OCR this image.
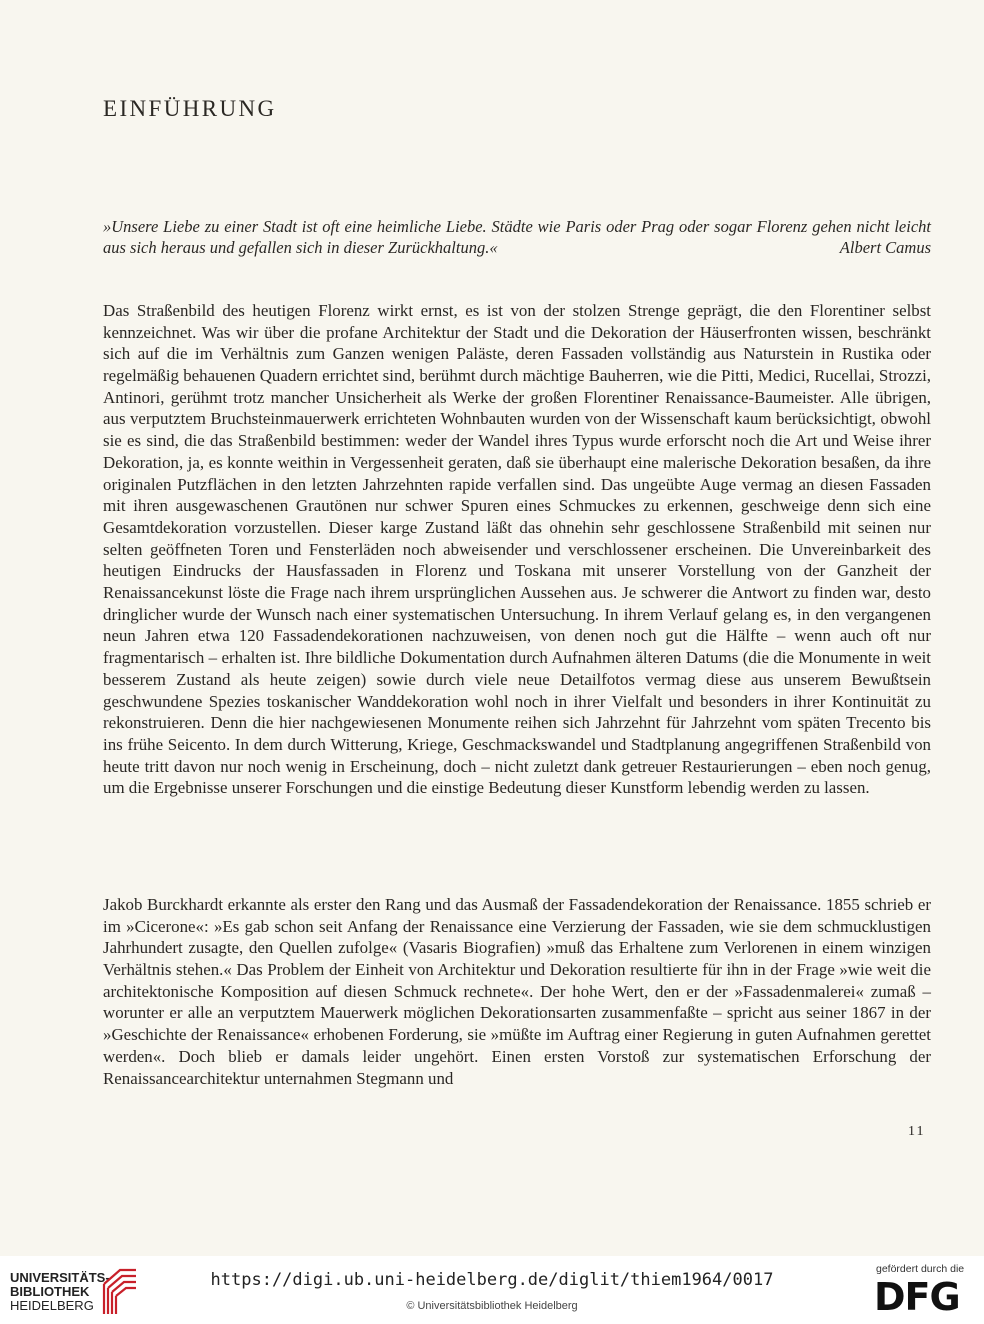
EINFÜHRUNG
»Unsere Liebe zu einer Stadt ist oft eine heimliche Liebe. Städte wie Paris oder Prag oder sogar Florenz gehen nicht leicht aus sich heraus und gefallen sich in dieser Zurückhaltung.«	Albert Camus

Das Straßenbild des heutigen Florenz wirkt ernst, es ist von der stolzen Strenge geprägt, die den Florentiner selbst kennzeichnet. Was wir über die profane Architektur der Stadt und die Dekoration der Häuserfronten wissen, beschränkt sich auf die im Verhältnis zum Ganzen wenigen Paläste, deren Fassaden vollständig aus Naturstein in Rustika oder regelmäßig behauenen Quadern errichtet sind, berühmt durch mächtige Bauherren, wie die Pitti, Medici, Rucellai, Strozzi, Antinori, gerühmt trotz mancher Unsicherheit als Werke der großen Florentiner Renaissance-Baumeister. Alle übrigen, aus verputztem Bruchsteinmauerwerk errichteten Wohnbauten wurden von der Wissenschaft kaum berücksichtigt, obwohl sie es sind, die das Straßenbild bestimmen: weder der Wandel ihres Typus wurde erforscht noch die Art und Weise ihrer Dekoration, ja, es konnte weithin in Vergessenheit geraten, daß sie überhaupt eine malerische Dekoration besaßen, da ihre originalen Putzflächen in den letzten Jahrzehnten rapide verfallen sind. Das ungeübte Auge vermag an diesen Fassaden mit ihren ausgewaschenen Grautönen nur schwer Spuren eines Schmuckes zu erkennen, geschweige denn sich eine Gesamtdekoration vorzustellen. Dieser karge Zustand läßt das ohnehin sehr geschlossene Straßenbild mit seinen nur selten geöffneten Toren und Fensterläden noch abweisender und verschlossener erscheinen. Die Unvereinbarkeit des heutigen Eindrucks der Hausfassaden in Florenz und Toskana mit unserer Vorstellung von der Ganzheit der Renaissancekunst löste die Frage nach ihrem ursprünglichen Aussehen aus. Je schwerer die Antwort zu finden war, desto dringlicher wurde der Wunsch nach einer systematischen Untersuchung. In ihrem Verlauf gelang es, in den vergangenen neun Jahren etwa 120 Fassadendekorationen nachzuweisen, von denen noch gut die Hälfte – wenn auch oft nur fragmentarisch – erhalten ist. Ihre bildliche Dokumentation durch Aufnahmen älteren Datums (die die Monumente in weit besserem Zustand als heute zeigen) sowie durch viele neue Detailfotos vermag diese aus unserem Bewußtsein geschwundene Spezies toskanischer Wanddekoration wohl noch in ihrer Vielfalt und besonders in ihrer Kontinuität zu rekonstruieren. Denn die hier nachgewiesenen Monumente reihen sich Jahrzehnt für Jahrzehnt vom späten Trecento bis ins frühe Seicento. In dem durch Witterung, Kriege, Geschmackswandel und Stadtplanung angegriffenen Straßenbild von heute tritt davon nur noch wenig in Erscheinung, doch – nicht zuletzt dank getreuer Restaurierungen – eben noch genug, um die Ergebnisse unserer Forschungen und die einstige Bedeutung dieser Kunstform lebendig werden zu lassen.

Jakob Burckhardt erkannte als erster den Rang und das Ausmaß der Fassadendekoration der Renaissance. 1855 schrieb er im »Cicerone«: »Es gab schon seit Anfang der Renaissance eine Verzierung der Fassaden, wie sie dem schmucklustigen Jahrhundert zusagte, den Quellen zufolge« (Vasaris Biografien) »muß das Erhaltene zum Verlorenen in einem winzigen Verhältnis stehen.« Das Problem der Einheit von Architektur und Dekoration resultierte für ihn in der Frage »wie weit die architektonische Komposition auf diesen Schmuck rechnete«. Der hohe Wert, den er der »Fassadenmalerei« zumaß – worunter er alle an verputztem Mauerwerk möglichen Dekorationsarten zusammenfaßte – spricht aus seiner 1867 in der »Geschichte der Renaissance« erhobenen Forderung, sie »müßte im Auftrag einer Regierung in guten Aufnahmen gerettet werden«. Doch blieb er damals leider ungehört. Einen ersten Vorstoß zur systematischen Erforschung der Renaissancearchitektur unternahmen Stegmann und

11
UNIVERSITÄTS-
BIBLIOTHEK
HEIDELBERG
https://digi.ub.uni-heidelberg.de/diglit/thiem1964/0017
© Universitätsbibliothek Heidelberg
gefördert durch die
DFG
